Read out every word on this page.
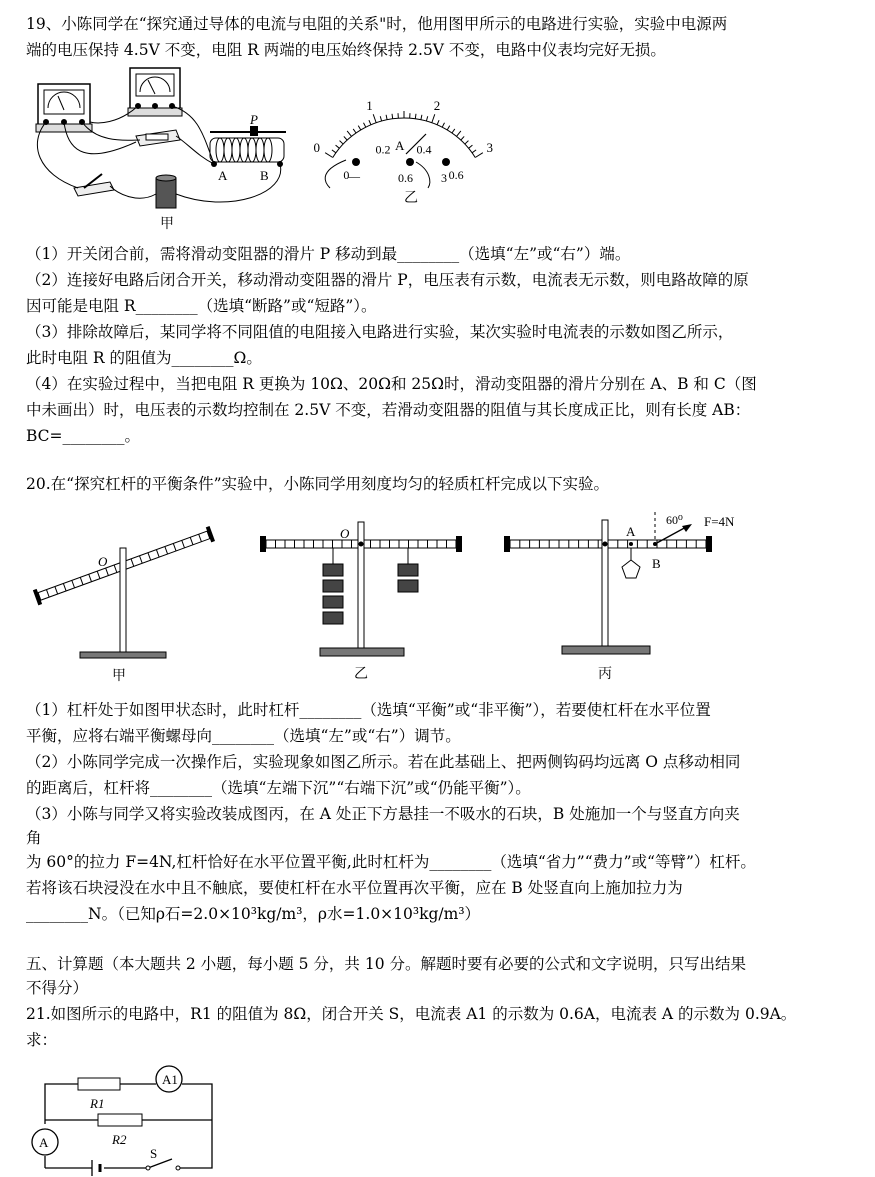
19、小陈同学在“探究通过导体的电流与电阻的关系"时，他用图甲所示的电路进行实验，实验中电源两
端的电压保持 4.5V 不变，电阻 R 两端的电压始终保持 2.5V 不变，电路中仪表均完好无损。
P
A	B
甲
0
1	2
3
0
0.2 0.4
0.6
A
—	0.6 3
乙
（1）开关闭合前，需将滑动变阻器的滑片 P 移动到最________（选填“左”或“右”）端。
（2）连接好电路后闭合开关，移动滑动变阻器的滑片 P，电压表有示数，电流表无示数，则电路故障的原
因可能是电阻 R________（选填“断路”或“短路”）。
（3）排除故障后，某同学将不同阻值的电阻接入电路进行实验，某次实验时电流表的示数如图乙所示，
此时电阻 R 的阻值为________Ω。
（4）在实验过程中，当把电阻 R 更换为 10Ω、20Ω和 25Ω时，滑动变阻器的滑片分别在 A、B 和 C（图
中未画出）时，电压表的示数均控制在 2.5V 不变，若滑动变阻器的阻值与其长度成正比，则有长度 AB：
BC=________。
20.在“探究杠杆的平衡条件”实验中，小陈同学用刻度均匀的轻质杠杆完成以下实验。
O
甲
O
乙
A
B
60⁰ F=4N
丙
（1）杠杆处于如图甲状态时，此时杠杆________（选填“平衡”或“非平衡”），若要使杠杆在水平位置
平衡，应将右端平衡螺母向________（选填“左”或“右”）调节。
（2）小陈同学完成一次操作后，实验现象如图乙所示。若在此基础上、把两侧钩码均远离 O 点移动相同
的距离后，杠杆将________（选填“左端下沉”“右端下沉”或“仍能平衡”）。
（3）小陈与同学又将实验改装成图丙，在 A 处正下方悬挂一不吸水的石块，B 处施加一个与竖直方向夹
角
为 60°的拉力 F=4N,杠杆恰好在水平位置平衡,此时杠杆为________（选填“省力”“费力”或“等臂”）杠杆。
若将该石块浸没在水中且不触底，要使杠杆在水平位置再次平衡，应在 B 处竖直向上施加拉力为
________N。（已知ρ石=2.0×10³kg/m³，ρ水=1.0×10³kg/m³）
五、计算题（本大题共 2 小题，每小题 5 分，共 10 分。解题时要有必要的公式和文字说明，只写出结果
不得分）
21.如图所示的电路中，R1 的阻值为 8Ω，闭合开关 S，电流表 A1 的示数为 0.6A，电流表 A 的示数为 0.9A。
求：
A1
A
R1
R2
S
